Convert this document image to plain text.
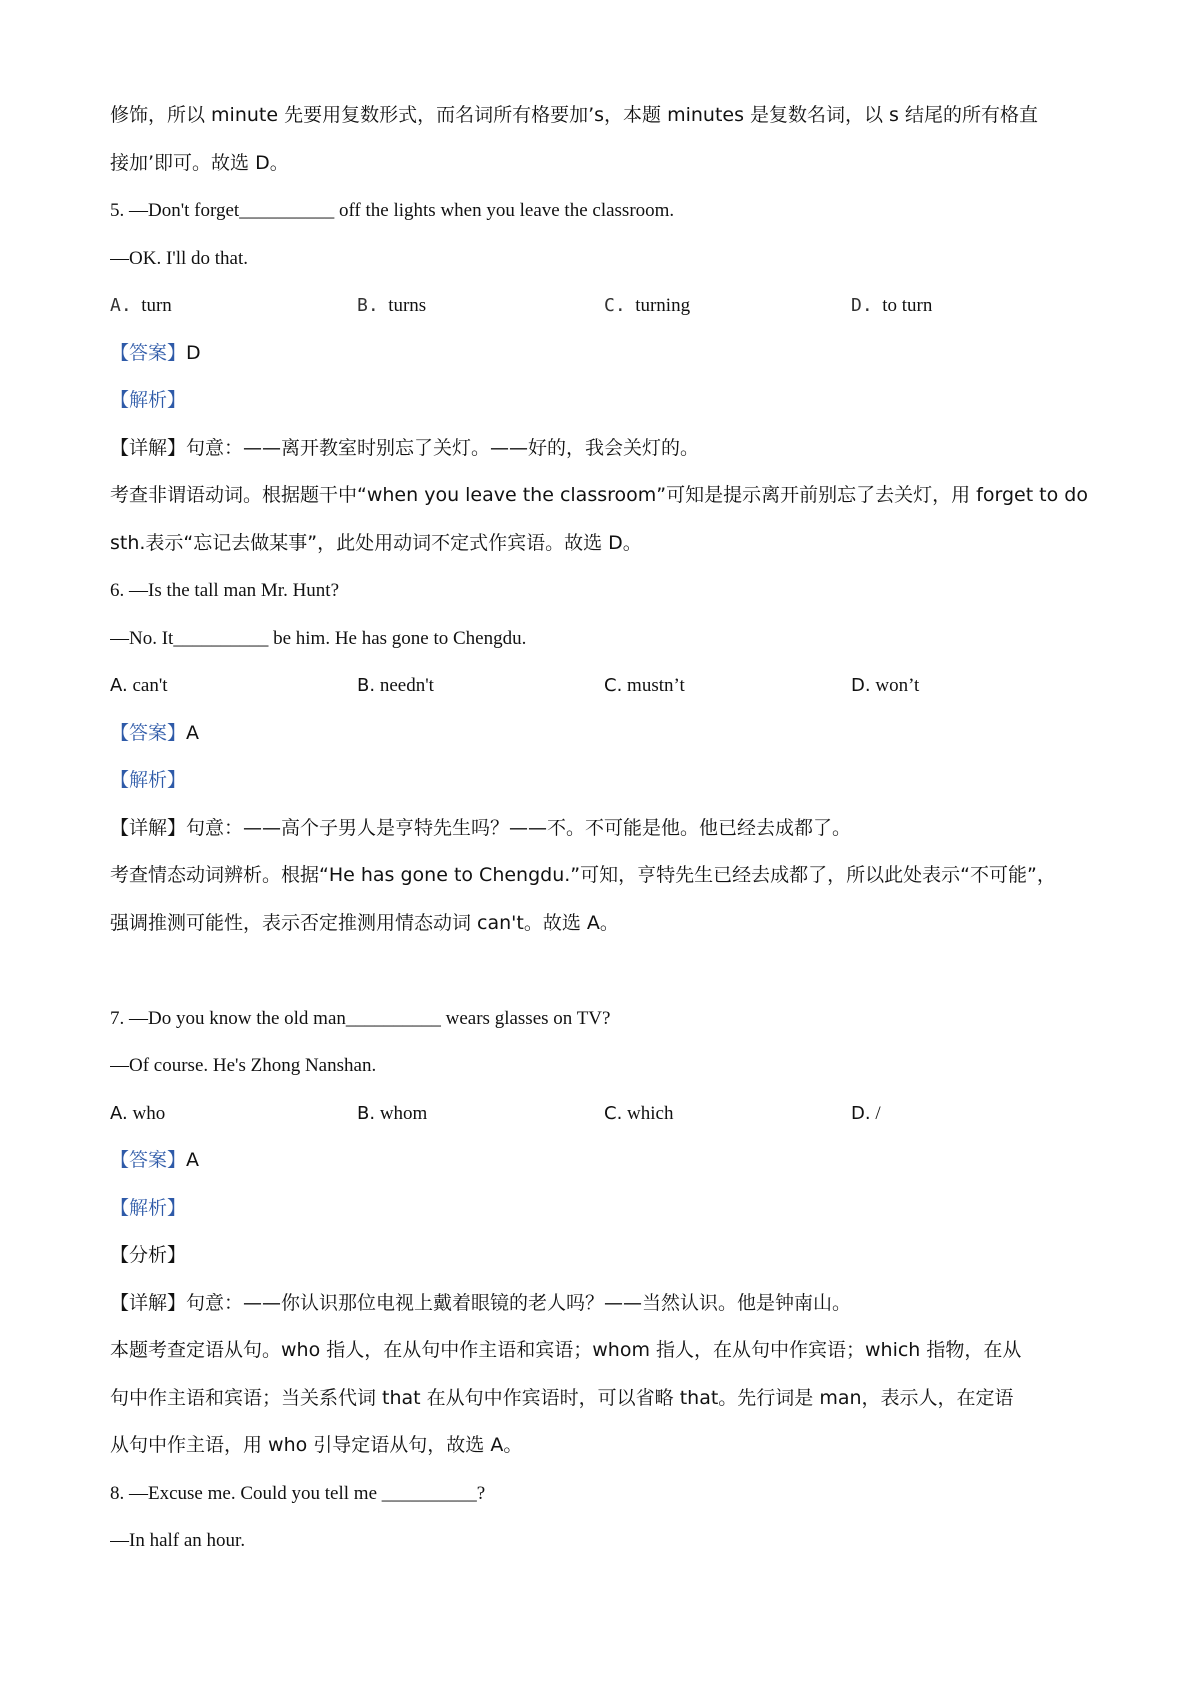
修饰，所以 minute 先要用复数形式，而名词所有格要加’s，本题 minutes 是复数名词，以 s 结尾的所有格直
接加’即可。故选 D。
5. —Don't forget__________ off the lights when you leave the classroom.
—OK. I'll do that.
A. turn	B. turns	C. turning	D. to turn
【答案】D
【解析】
【详解】句意：——离开教室时别忘了关灯。——好的，我会关灯的。
考查非谓语动词。根据题干中“when you leave the classroom”可知是提示离开前别忘了去关灯，用 forget to do
sth.表示“忘记去做某事”，此处用动词不定式作宾语。故选 D。
6. —Is the tall man Mr. Hunt?
—No. It__________ be him. He has gone to Chengdu.
A. can't	B. needn't	C. mustn’t	D. won’t
【答案】A
【解析】
【详解】句意：——高个子男人是亨特先生吗？——不。不可能是他。他已经去成都了。
考查情态动词辨析。根据“He has gone to Chengdu.”可知，亨特先生已经去成都了，所以此处表示“不可能”，
强调推测可能性，表示否定推测用情态动词 can't。故选 A。
7. —Do you know the old man__________ wears glasses on TV?
—Of course. He's Zhong Nanshan.
A. who	B. whom	C. which	D. /
【答案】A
【解析】
【分析】
【详解】句意：——你认识那位电视上戴着眼镜的老人吗？——当然认识。他是钟南山。
本题考查定语从句。who 指人，在从句中作主语和宾语；whom 指人，在从句中作宾语；which 指物，在从
句中作主语和宾语；当关系代词 that 在从句中作宾语时，可以省略 that。先行词是 man，表示人，在定语
从句中作主语，用 who 引导定语从句，故选 A。
8. —Excuse me. Could you tell me __________?
—In half an hour.
